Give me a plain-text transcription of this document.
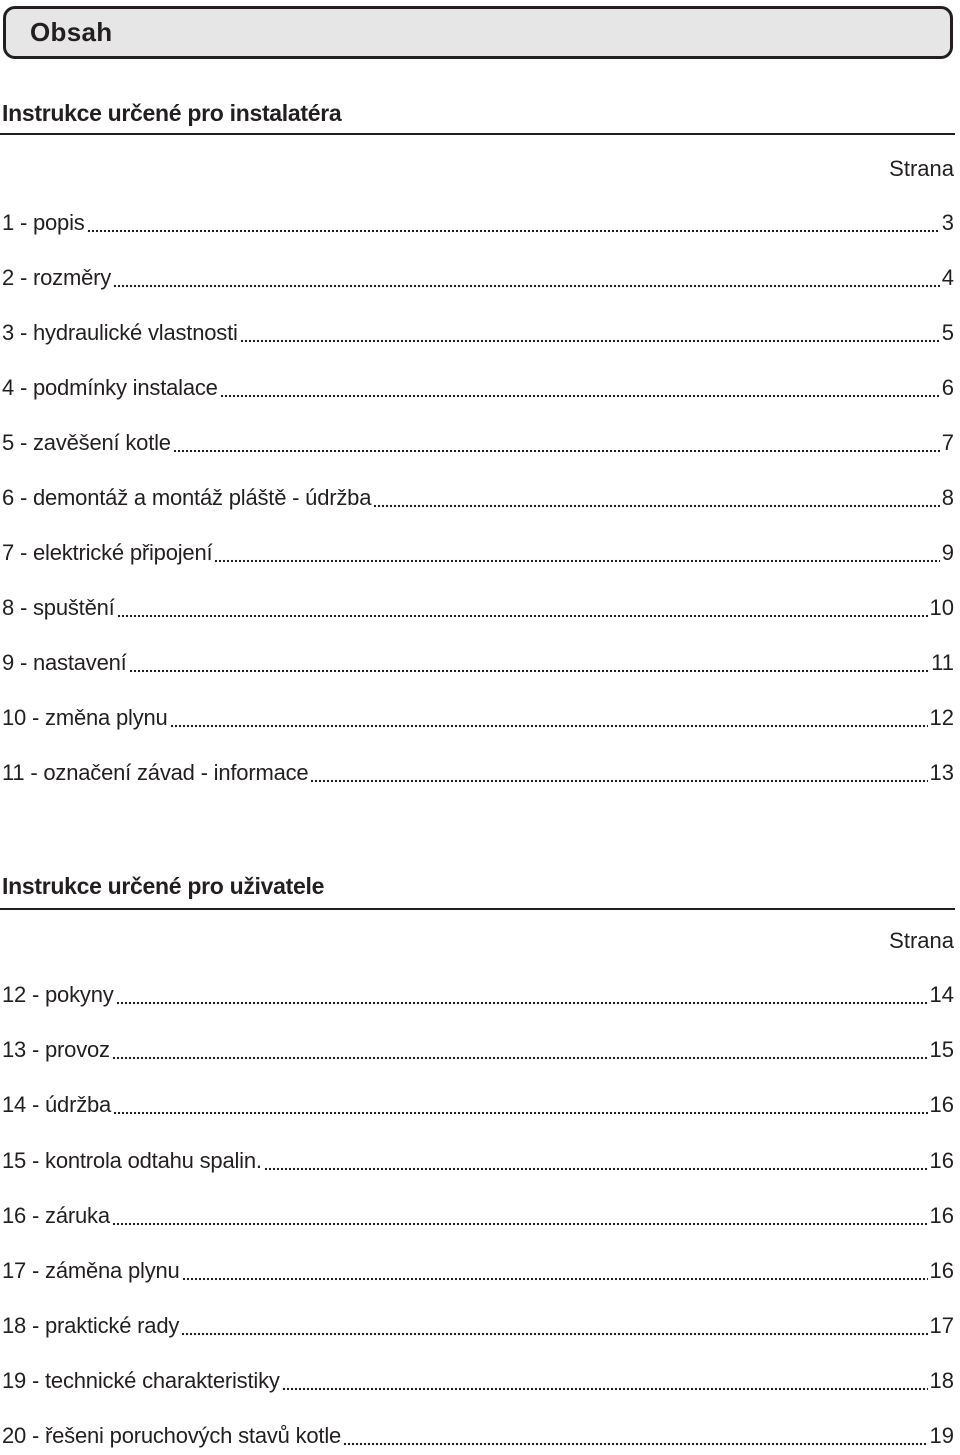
Obsah
Instrukce určené pro instalatéra
Strana
1 - popis	3
2 - rozměry	4
3 - hydraulické vlastnosti	5
4 - podmínky instalace	6
5 - zavěšení kotle	7
6 - demontáž a montáž pláště - údržba	8
7 - elektrické připojení	9
8 - spuštění	10
9 - nastavení	11
10 - změna plynu	12
11 - označení závad - informace	13
Instrukce určené pro uživatele
Strana
12 - pokyny	14
13 - provoz	15
14 - údržba	16
15 - kontrola odtahu spalin.	16
16 - záruka	16
17 - záměna plynu	16
18 - praktické rady	17
19 - technické charakteristiky	18
20 - řešeni poruchových stavů kotle	19
